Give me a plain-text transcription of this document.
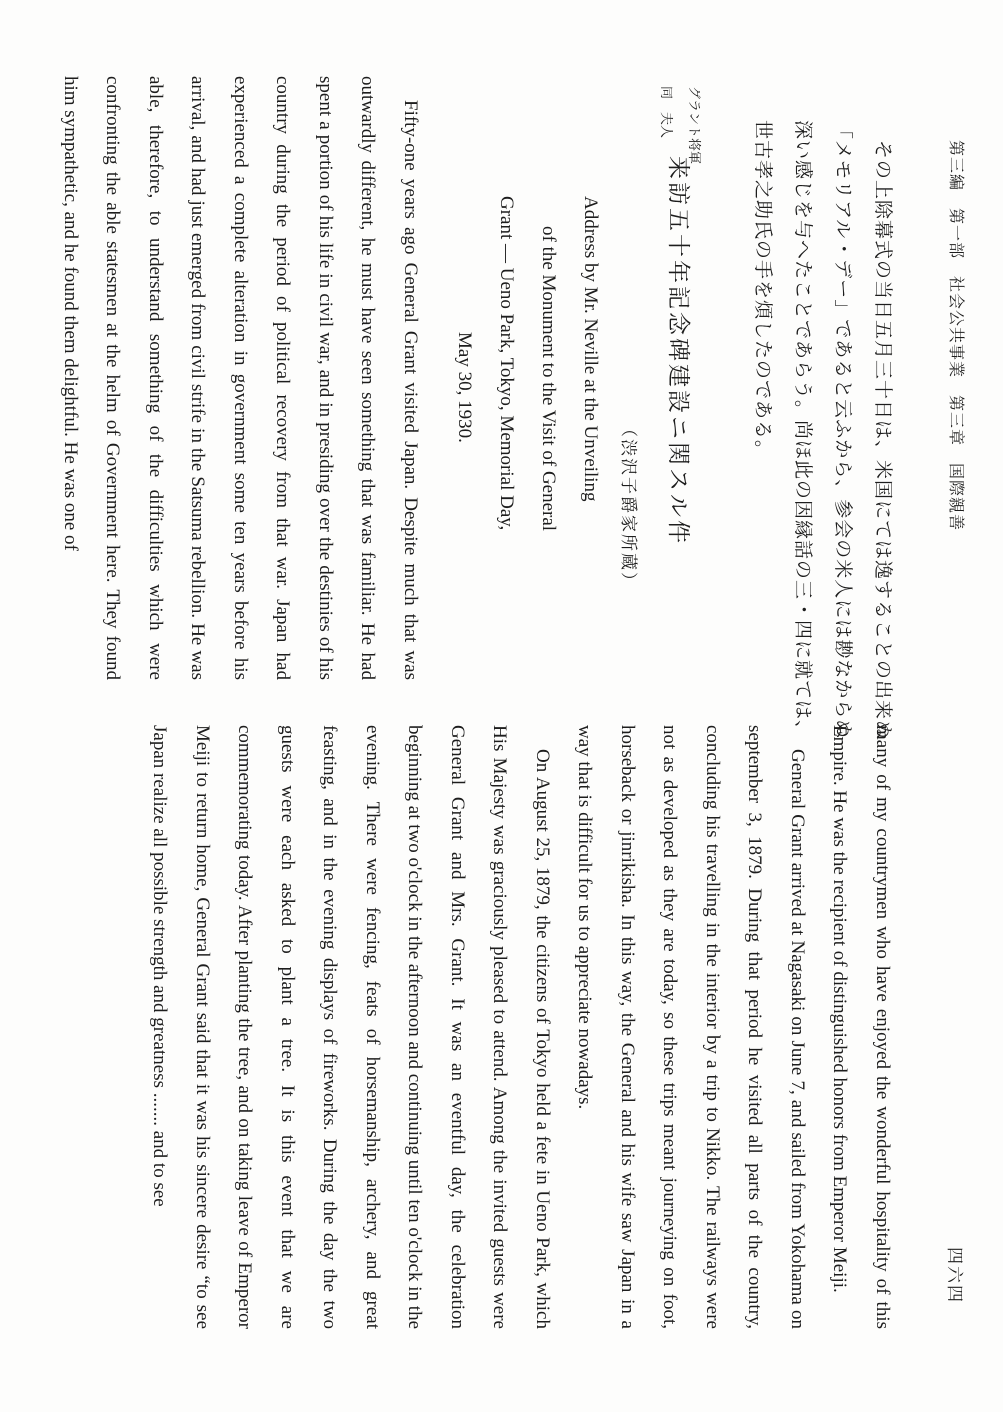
第三編　第一部　社会公共事業　第三章　国際親善
四六四
その上除幕式の当日五月三十日は、米国にては逸することの出来ぬ
「メモリアル・デー」であると云ふから、参会の米人には尠なからぬ
深い感じを与へたことであらう。尚ほ此の因縁話の三・四に就ては、
世古孝之助氏の手を煩したのである。
グラント将軍
同　夫人
来訪五十年記念碑建設ニ関スル件
（渋沢子爵家所蔵）
Address by Mr. Neville at the Unveiling
of the Monument to the Visit of General
Grant — Ueno Park, Tokyo, Memorial Day,
May 30, 1930.

Fifty-one years ago General Grant visited Japan. Despite much that was outwardly different, he must have seen something that was familiar. He had spent a portion of his life in civil war, and in presiding over the destinies of his country during the period of political recovery from that war. Japan had experienced a complete alteration in government some ten years before his arrival, and had just emerged from civil strife in the Satsuma rebellion. He was able, therefore, to understand something of the difficulties which were confronting the able statesmen at the helm of Government here. They found him sympathetic, and he found them delightful. He was one of

many of my countrymen who have enjoyed the wonderful hospitality of this Empire. He was the recipient of distinguished honors from Emperor Meiji.

General Grant arrived at Nagasaki on June 7, and sailed from Yokohama on september 3, 1879. During that period he visited all parts of the country, concluding his travelling in the interior by a trip to Nikko. The railways were not as developed as they are today, so these trips meant journeying on foot, horseback or jinrikisha. In this way, the General and his wife saw Japan in a way that is difficult for us to appreciate nowadays.

On August 25, 1879, the citizens of Tokyo held a fete in Ueno Park, which His Majesty was graciously pleased to attend. Among the invited guests were General Grant and Mrs. Grant. It was an eventful day, the celebration beginning at two o'clock in the afternoon and continuing until ten o'clock in the evening. There were fencing, feats of horsemanship, archery, and great feasting, and in the evening displays of fireworks. During the day the two guests were each asked to plant a tree. It is this event that we are commemorating today. After planting the tree, and on taking leave of Emperor Meiji to return home, General Grant said that it was his sincere desire “to see Japan realize all possible strength and greatness ....... and to see
